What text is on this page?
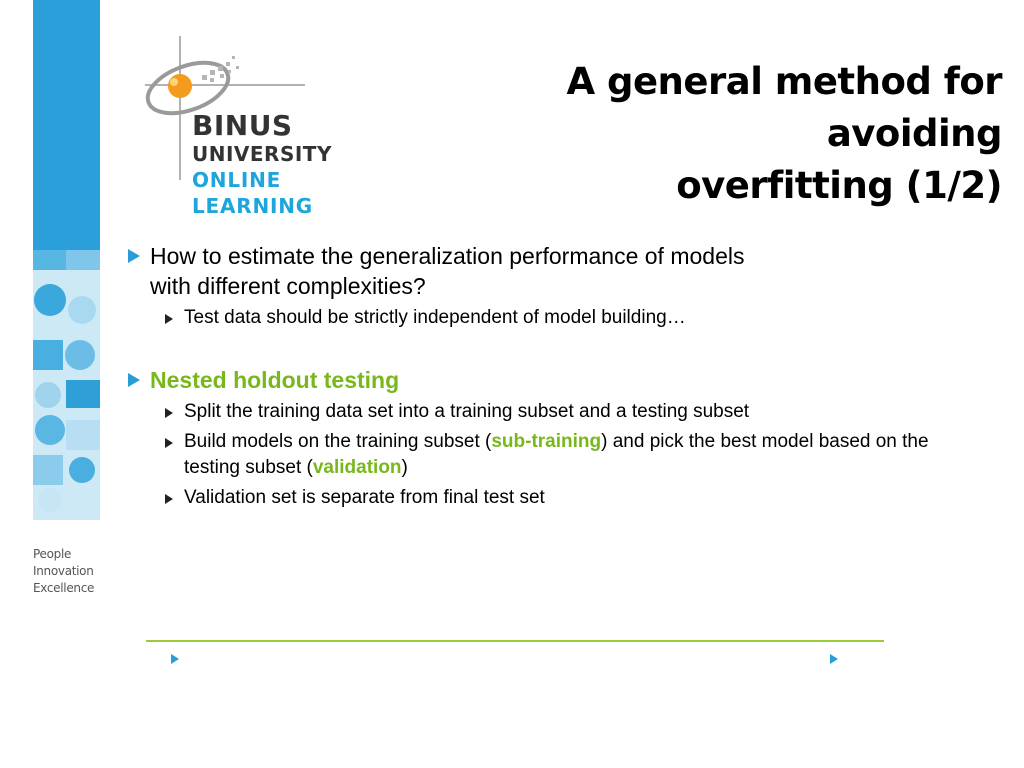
People
Innovation
Excellence
BINUS
UNIVERSITY
ONLINE
LEARNING
A general method for avoiding
overfitting (1/2)
How to estimate the generalization performance of models with different complexities?
Test data should be strictly independent of model building…
Nested holdout testing
Split the training data set into a training subset and a testing subset
Build models on the training subset (sub-training) and pick the best model based on the testing subset (validation)
Validation set is separate from final test set
